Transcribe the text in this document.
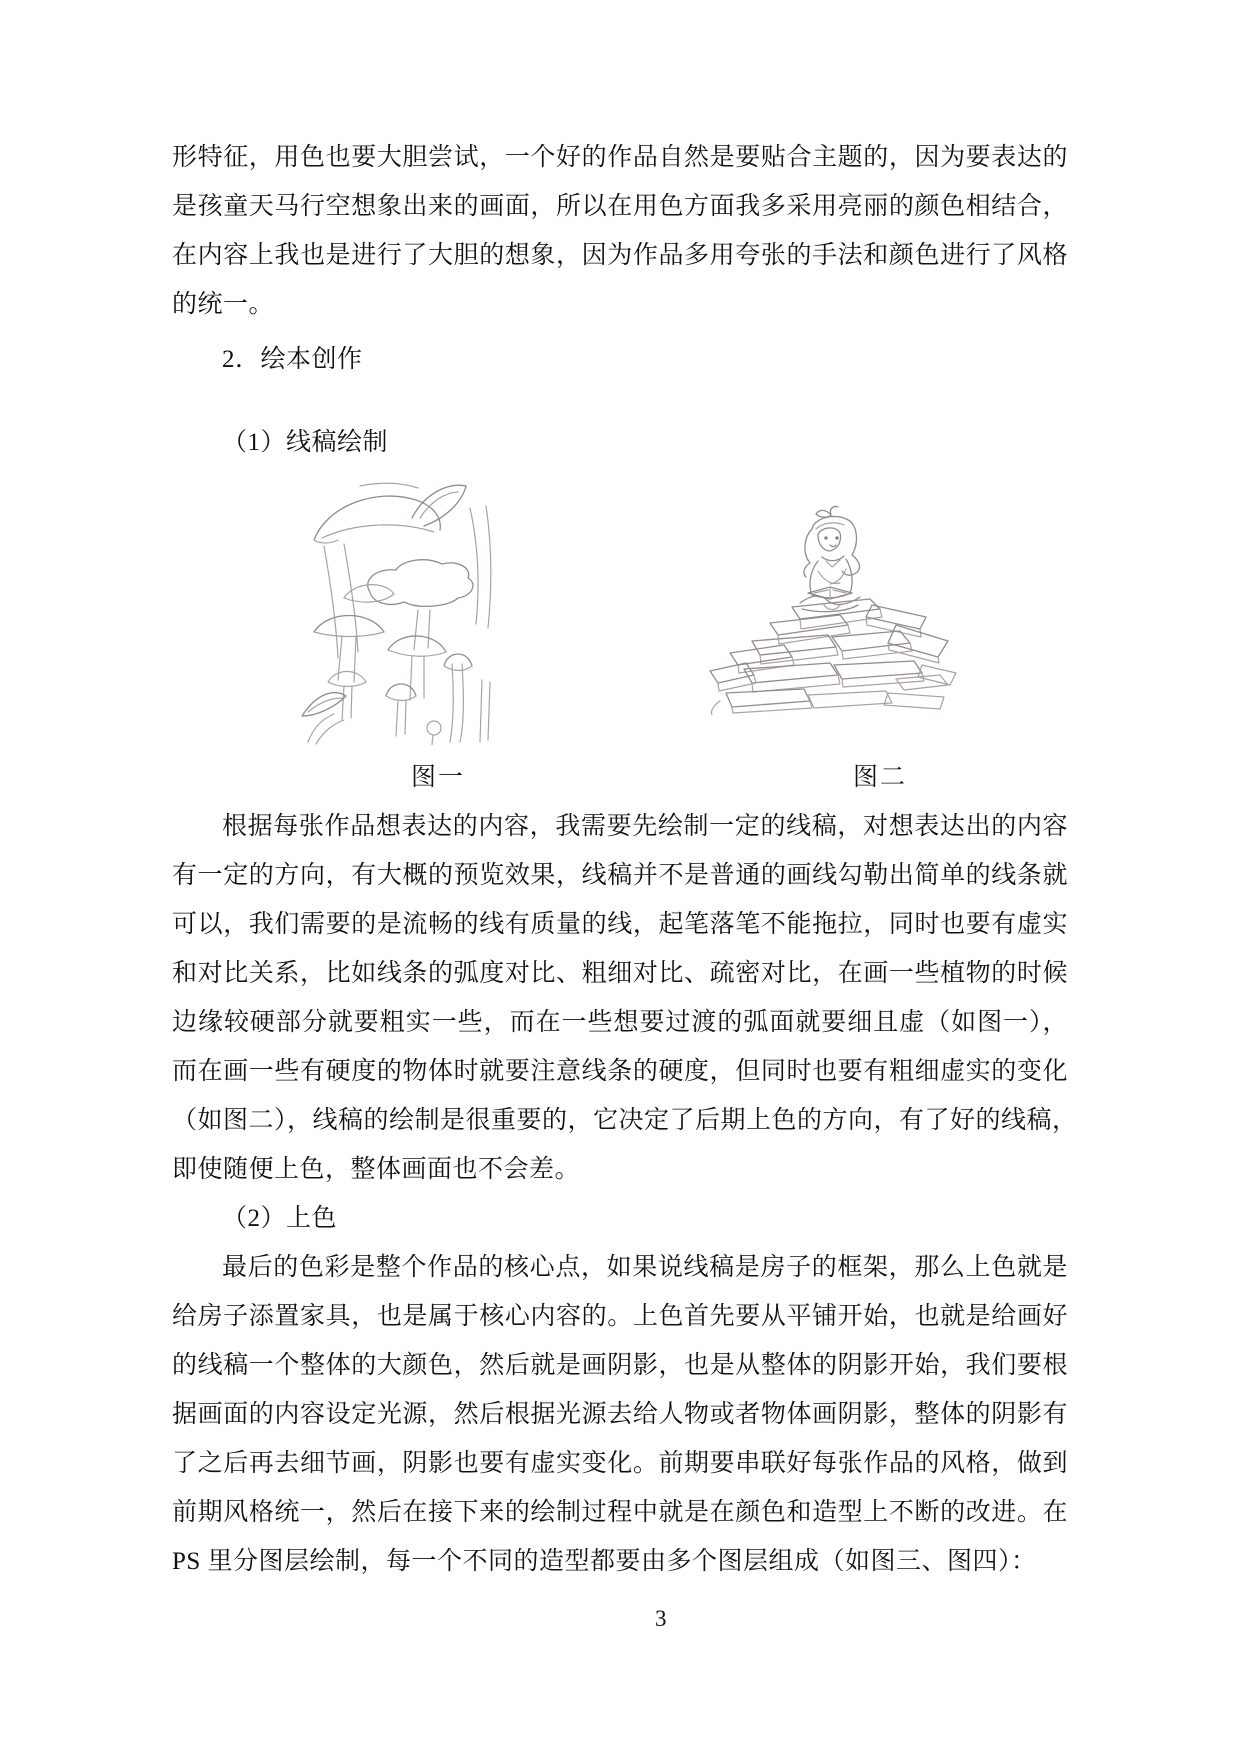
形特征，用色也要大胆尝试，一个好的作品自然是要贴合主题的，因为要表达的
是孩童天马行空想象出来的画面，所以在用色方面我多采用亮丽的颜色相结合，
在内容上我也是进行了大胆的想象，因为作品多用夸张的手法和颜色进行了风格
的统一。
2．绘本创作
（1）线稿绘制
图一	图二
根据每张作品想表达的内容，我需要先绘制一定的线稿，对想表达出的内容
有一定的方向，有大概的预览效果，线稿并不是普通的画线勾勒出简单的线条就
可以，我们需要的是流畅的线有质量的线，起笔落笔不能拖拉，同时也要有虚实
和对比关系，比如线条的弧度对比、粗细对比、疏密对比，在画一些植物的时候
边缘较硬部分就要粗实一些，而在一些想要过渡的弧面就要细且虚（如图一），
而在画一些有硬度的物体时就要注意线条的硬度，但同时也要有粗细虚实的变化
（如图二），线稿的绘制是很重要的，它决定了后期上色的方向，有了好的线稿，
即使随便上色，整体画面也不会差。
（2）上色
最后的色彩是整个作品的核心点，如果说线稿是房子的框架，那么上色就是
给房子添置家具，也是属于核心内容的。上色首先要从平铺开始，也就是给画好
的线稿一个整体的大颜色，然后就是画阴影，也是从整体的阴影开始，我们要根
据画面的内容设定光源，然后根据光源去给人物或者物体画阴影，整体的阴影有
了之后再去细节画，阴影也要有虚实变化。前期要串联好每张作品的风格，做到
前期风格统一，然后在接下来的绘制过程中就是在颜色和造型上不断的改进。在
PS 里分图层绘制，每一个不同的造型都要由多个图层组成（如图三、图四）：
3
